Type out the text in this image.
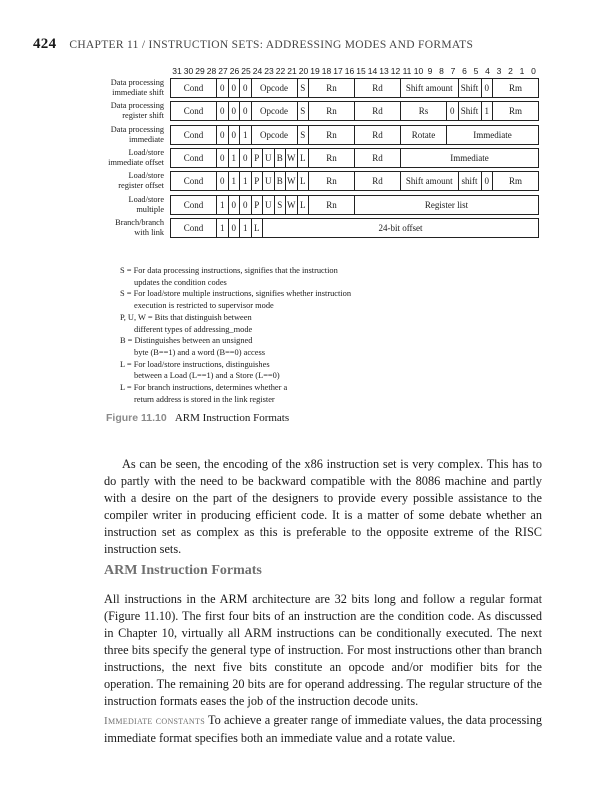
424 CHAPTER 11 / INSTRUCTION SETS: ADDRESSING MODES AND FORMATS
31 30 29 28 27 26 25 24 23 22 21 20 19 18 17 16 15 14 13 12 11 10 9 8 7 6 5 4 3 2 1 0
Data processing
immediate shift	Cond	0 0 0	Opcode	S	Rn	Rd	Shift amount Shift 0	Rm
Data processing
register shift	Cond	0 0 0	Opcode	S	Rn	Rd	Rs	0 Shift 1	Rm
Data processing
immediate	Cond	0 0 1	Opcode	S	Rn	Rd	Rotate	Immediate
Load/store
immediate offset	Cond	0 1 0 P U B W L	Rn	Rd	Immediate
Load/store
register offset	Cond	0 1 1 P U B W L	Rn	Rd	Shift amount shift 0	Rm
Load/store
multiple	Cond	1 0 0 P U S W L	Rn	Register list
Branch/branch
with link	Cond	1 0 1 L	24-bit offset

S = For data processing instructions, signifies that the instruction

updates the condition codes

S = For load/store multiple instructions, signifies whether instruction

execution is restricted to supervisor mode

P, U, W = Bits that distinguish between

different types of addressing_mode

B = Distinguishes between an unsigned

byte (B==1) and a word (B==0) access

L = For load/store instructions, distinguishes

between a Load (L==1) and a Store (L==0)

L = For branch instructions, determines whether a

return address is stored in the link register

Figure 11.10 ARM Instruction Formats

As can be seen, the encoding of the x86 instruction set is very complex. This has to do partly with the need to be backward compatible with the 8086 machine and partly with a desire on the part of the designers to provide every possible assistance to the compiler writer in producing efficient code. It is a matter of some debate whether an instruction set as complex as this is preferable to the opposite extreme of the RISC instruction sets.

ARM Instruction Formats

All instructions in the ARM architecture are 32 bits long and follow a regular format (Figure 11.10). The first four bits of an instruction are the condition code. As discussed in Chapter 10, virtually all ARM instructions can be conditionally executed. The next three bits specify the general type of instruction. For most instructions other than branch instructions, the next five bits constitute an opcode and/or modifier bits for the operation. The remaining 20 bits are for operand addressing. The regular structure of the instruction formats eases the job of the instruction decode units.

Immediate constants To achieve a greater range of immediate values, the data processing immediate format specifies both an immediate value and a rotate value.
